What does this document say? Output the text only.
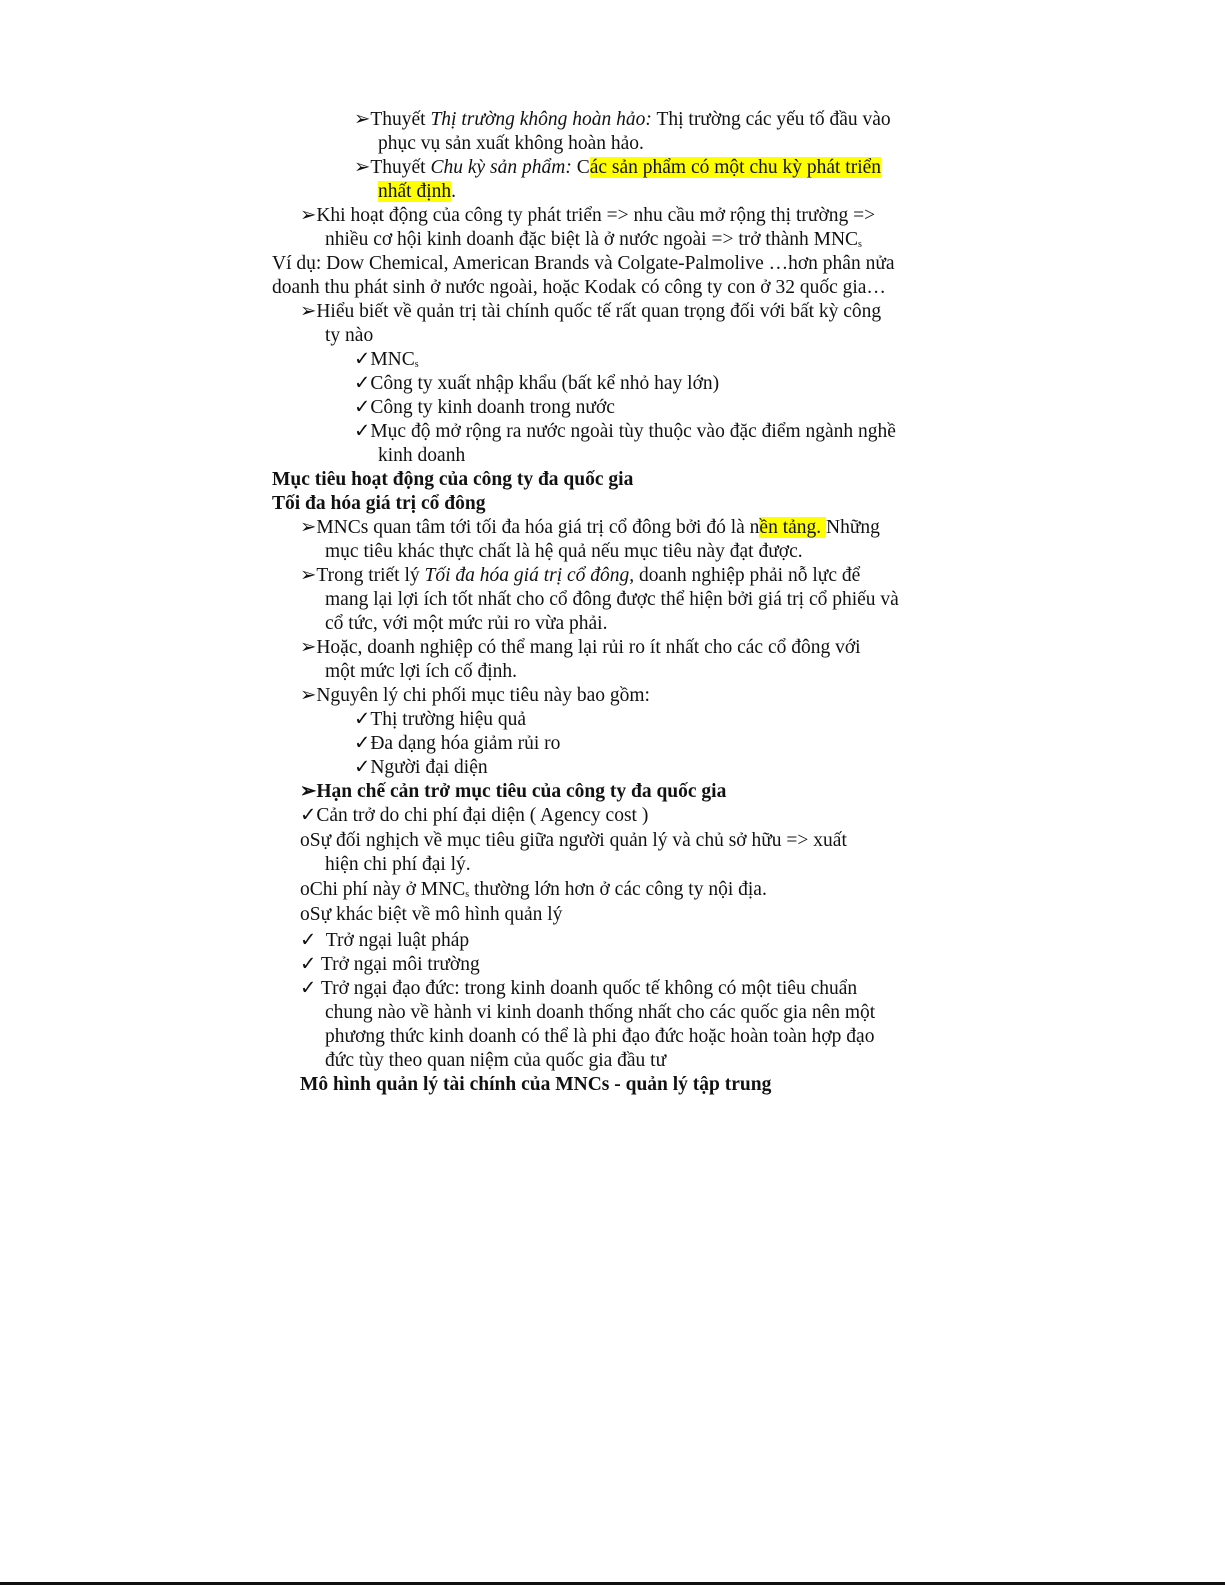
➢Thuyết Thị trường không hoàn hảo: Thị trường các yếu tố đầu vào
phục vụ sản xuất không hoàn hảo.
➢Thuyết Chu kỳ sản phẩm: Các sản phẩm có một chu kỳ phát triển
nhất định.
➢Khi hoạt động của công ty phát triển => nhu cầu mở rộng thị trường =>
nhiều cơ hội kinh doanh đặc biệt là ở nước ngoài => trở thành $MNC_s$
Ví dụ: Dow Chemical, American Brands và Colgate-Palmolive …hơn phân nửa
doanh thu phát sinh ở nước ngoài, hoặc Kodak có công ty con ở 32 quốc gia…
➢Hiểu biết về quản trị tài chính quốc tế rất quan trọng đối với bất kỳ công
ty nào
$✓MNC_s$
✓Công ty xuất nhập khẩu (bất kể nhỏ hay lớn)
✓Công ty kinh doanh trong nước
✓Mục độ mở rộng ra nước ngoài tùy thuộc vào đặc điểm ngành nghề
kinh doanh
Mục tiêu hoạt động của công ty đa quốc gia
Tối đa hóa giá trị cổ đông
➢MNCs quan tâm tới tối đa hóa giá trị cổ đông bởi đó là nền tảng. Những
mục tiêu khác thực chất là hệ quả nếu mục tiêu này đạt được.
➢Trong triết lý Tối đa hóa giá trị cổ đông, doanh nghiệp phải nỗ lực để
mang lại lợi ích tốt nhất cho cổ đông được thể hiện bởi giá trị cổ phiếu và
cổ tức, với một mức rủi ro vừa phải.
➢Hoặc, doanh nghiệp có thể mang lại rủi ro ít nhất cho các cổ đông với
một mức lợi ích cố định.
➢Nguyên lý chi phối mục tiêu này bao gồm:
✓Thị trường hiệu quả
✓Đa dạng hóa giảm rủi ro
✓Người đại diện
➢Hạn chế cản trở mục tiêu của công ty đa quốc gia
✓Cản trở do chi phí đại diện ( Agency cost )
oSự đối nghịch về mục tiêu giữa người quản lý và chủ sở hữu => xuất
hiện chi phí đại lý.
oChi phí này ở $MNC_s$ thường lớn hơn ở các công ty nội địa.
oSự khác biệt về mô hình quản lý
✓  Trở ngại luật pháp
✓ Trở ngại môi trường
✓ Trở ngại đạo đức: trong kinh doanh quốc tế không có một tiêu chuẩn
chung nào về hành vi kinh doanh thống nhất cho các quốc gia nên một
phương thức kinh doanh có thể là phi đạo đức hoặc hoàn toàn hợp đạo
đức tùy theo quan niệm của quốc gia đầu tư
Mô hình quản lý tài chính của MNCs - quản lý tập trung
